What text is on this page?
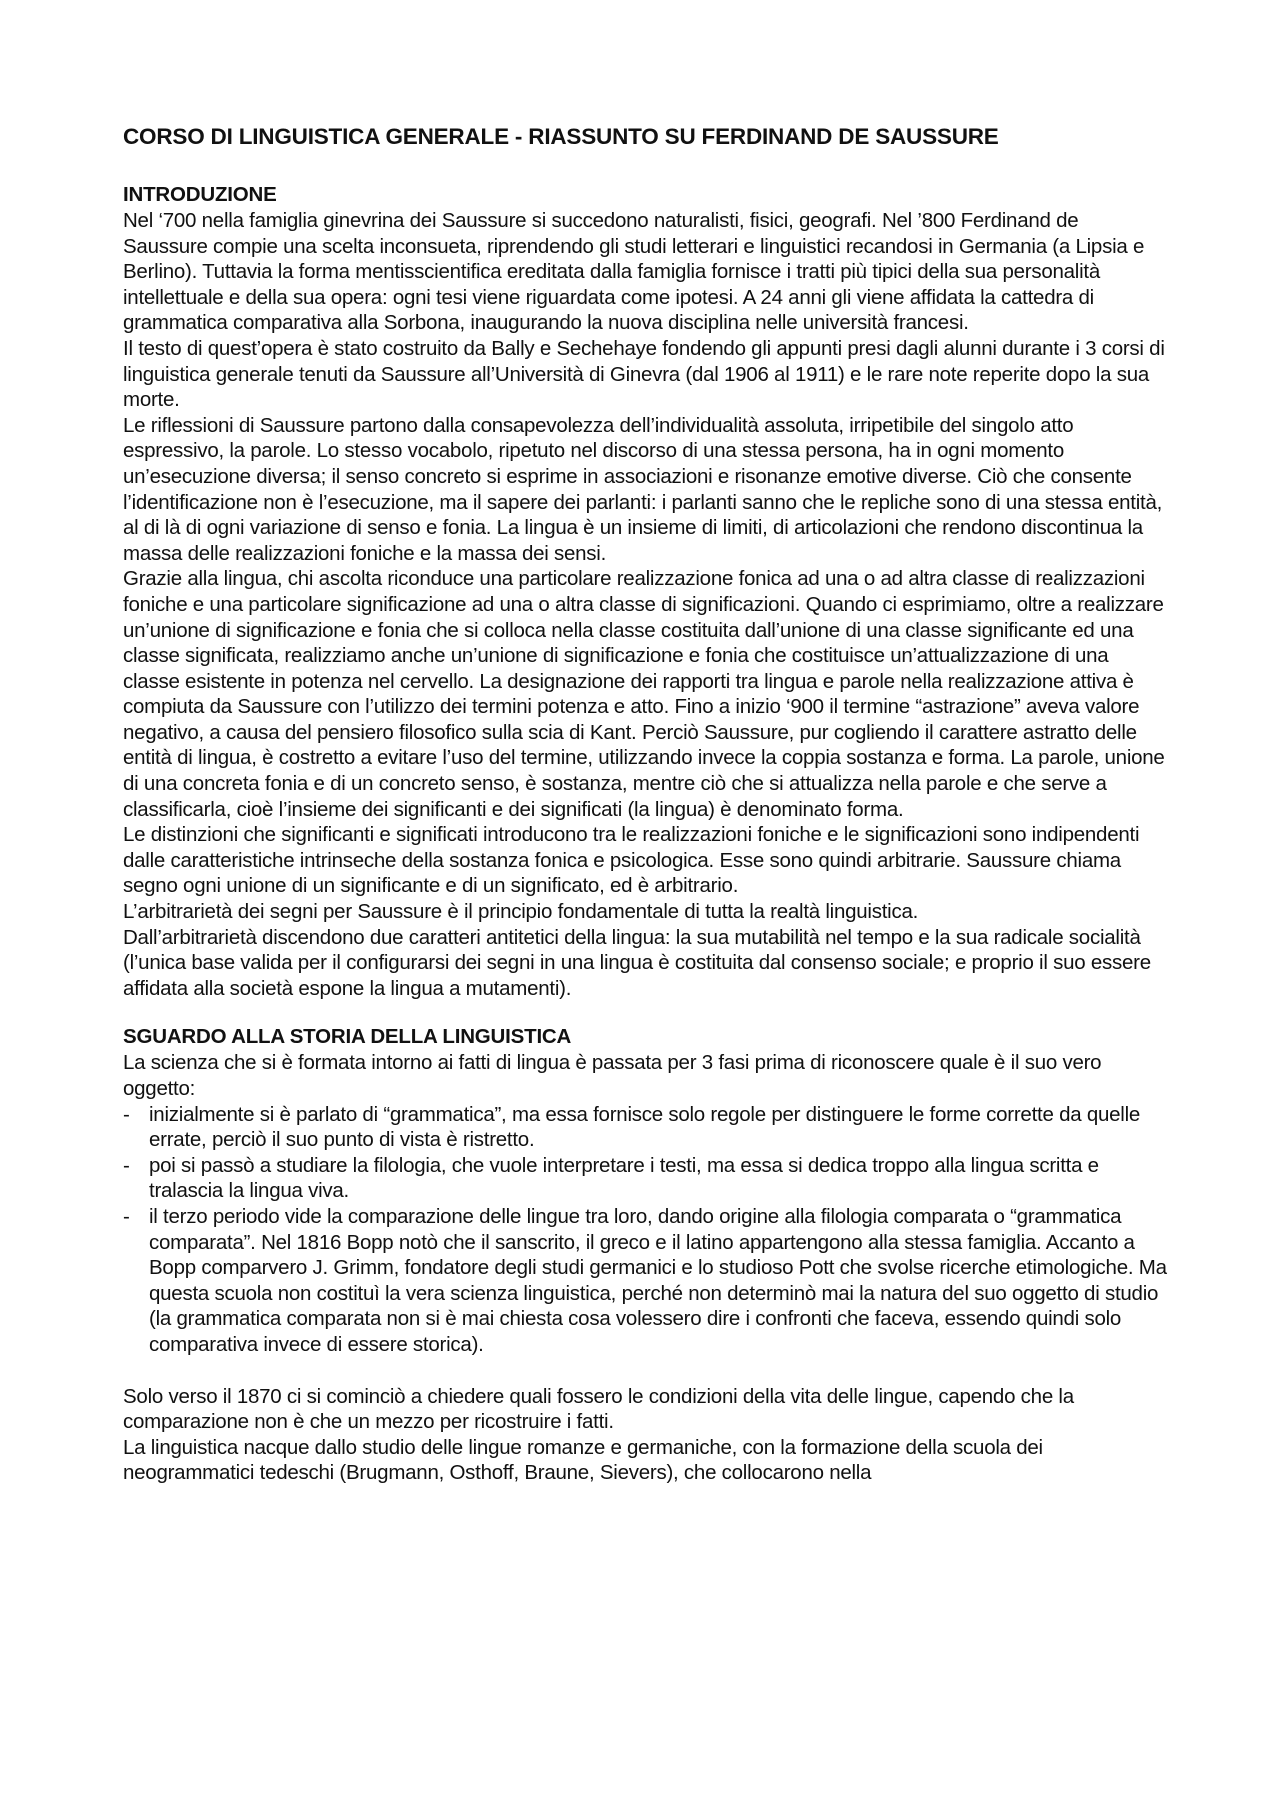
CORSO DI LINGUISTICA GENERALE - RIASSUNTO SU FERDINAND DE SAUSSURE
INTRODUZIONE

Nel ‘700 nella famiglia ginevrina dei Saussure si succedono naturalisti, fisici, geografi. Nel ’800 Ferdinand de Saussure compie una scelta inconsueta, riprendendo gli studi letterari e linguistici recandosi in Germania (a Lipsia e Berlino). Tuttavia la forma mentisscientifica ereditata dalla famiglia fornisce i tratti più tipici della sua personalità intellettuale e della sua opera: ogni tesi viene riguardata come ipotesi. A 24 anni gli viene affidata la cattedra di grammatica comparativa alla Sorbona, inaugurando la nuova disciplina nelle università francesi.

Il testo di quest’opera è stato costruito da Bally e Sechehaye fondendo gli appunti presi dagli alunni durante i 3 corsi di linguistica generale tenuti da Saussure all’Università di Ginevra (dal 1906 al 1911) e le rare note reperite dopo la sua morte.

Le riflessioni di Saussure partono dalla consapevolezza dell’individualità assoluta, irripetibile del singolo atto espressivo, la parole. Lo stesso vocabolo, ripetuto nel discorso di una stessa persona, ha in ogni momento un’esecuzione diversa; il senso concreto si esprime in associazioni e risonanze emotive diverse. Ciò che consente l’identificazione non è l’esecuzione, ma il sapere dei parlanti: i parlanti sanno che le repliche sono di una stessa entità, al di là di ogni variazione di senso e fonia. La lingua è un insieme di limiti, di articolazioni che rendono discontinua la massa delle realizzazioni foniche e la massa dei sensi.

Grazie alla lingua, chi ascolta riconduce una particolare realizzazione fonica ad una o ad altra classe di realizzazioni foniche e una particolare significazione ad una o altra classe di significazioni. Quando ci esprimiamo, oltre a realizzare un’unione di significazione e fonia che si colloca nella classe costituita dall’unione di una classe significante ed una classe significata, realizziamo anche un’unione di significazione e fonia che costituisce un’attualizzazione di una classe esistente in potenza nel cervello. La designazione dei rapporti tra lingua e parole nella realizzazione attiva è compiuta da Saussure con l’utilizzo dei termini potenza e atto. Fino a inizio ‘900 il termine “astrazione” aveva valore negativo, a causa del pensiero filosofico sulla scia di Kant. Perciò Saussure, pur cogliendo il carattere astratto delle entità di lingua, è costretto a evitare l’uso del termine, utilizzando invece la coppia sostanza e forma. La parole, unione di una concreta fonia e di un concreto senso, è sostanza, mentre ciò che si attualizza nella parole e che serve a classificarla, cioè l’insieme dei significanti e dei significati (la lingua) è denominato forma.

Le distinzioni che significanti e significati introducono tra le realizzazioni foniche e le significazioni sono indipendenti dalle caratteristiche intrinseche della sostanza fonica e psicologica. Esse sono quindi arbitrarie. Saussure chiama segno ogni unione di un significante e di un significato, ed è arbitrario.

L’arbitrarietà dei segni per Saussure è il principio fondamentale di tutta la realtà linguistica.

Dall’arbitrarietà discendono due caratteri antitetici della lingua: la sua mutabilità nel tempo e la sua radicale socialità (l’unica base valida per il configurarsi dei segni in una lingua è costituita dal consenso sociale; e proprio il suo essere affidata alla società espone la lingua a mutamenti).

SGUARDO ALLA STORIA DELLA LINGUISTICA

La scienza che si è formata intorno ai fatti di lingua è passata per 3 fasi prima di riconoscere quale è il suo vero oggetto:

- inizialmente si è parlato di “grammatica”, ma essa fornisce solo regole per distinguere le forme corrette da quelle errate, perciò il suo punto di vista è ristretto.
- poi si passò a studiare la filologia, che vuole interpretare i testi, ma essa si dedica troppo alla lingua scritta e tralascia la lingua viva.
- il terzo periodo vide la comparazione delle lingue tra loro, dando origine alla filologia comparata o “grammatica comparata”. Nel 1816 Bopp notò che il sanscrito, il greco e il latino appartengono alla stessa famiglia. Accanto a Bopp comparvero J. Grimm, fondatore degli studi germanici e lo studioso Pott che svolse ricerche etimologiche. Ma questa scuola non costituì la vera scienza linguistica, perché non determinò mai la natura del suo oggetto di studio (la grammatica comparata non si è mai chiesta cosa volessero dire i confronti che faceva, essendo quindi solo comparativa invece di essere storica).

Solo verso il 1870 ci si cominciò a chiedere quali fossero le condizioni della vita delle lingue, capendo che la comparazione non è che un mezzo per ricostruire i fatti.

La linguistica nacque dallo studio delle lingue romanze e germaniche, con la formazione della scuola dei neogrammatici tedeschi (Brugmann, Osthoff, Braune, Sievers), che collocarono nella
